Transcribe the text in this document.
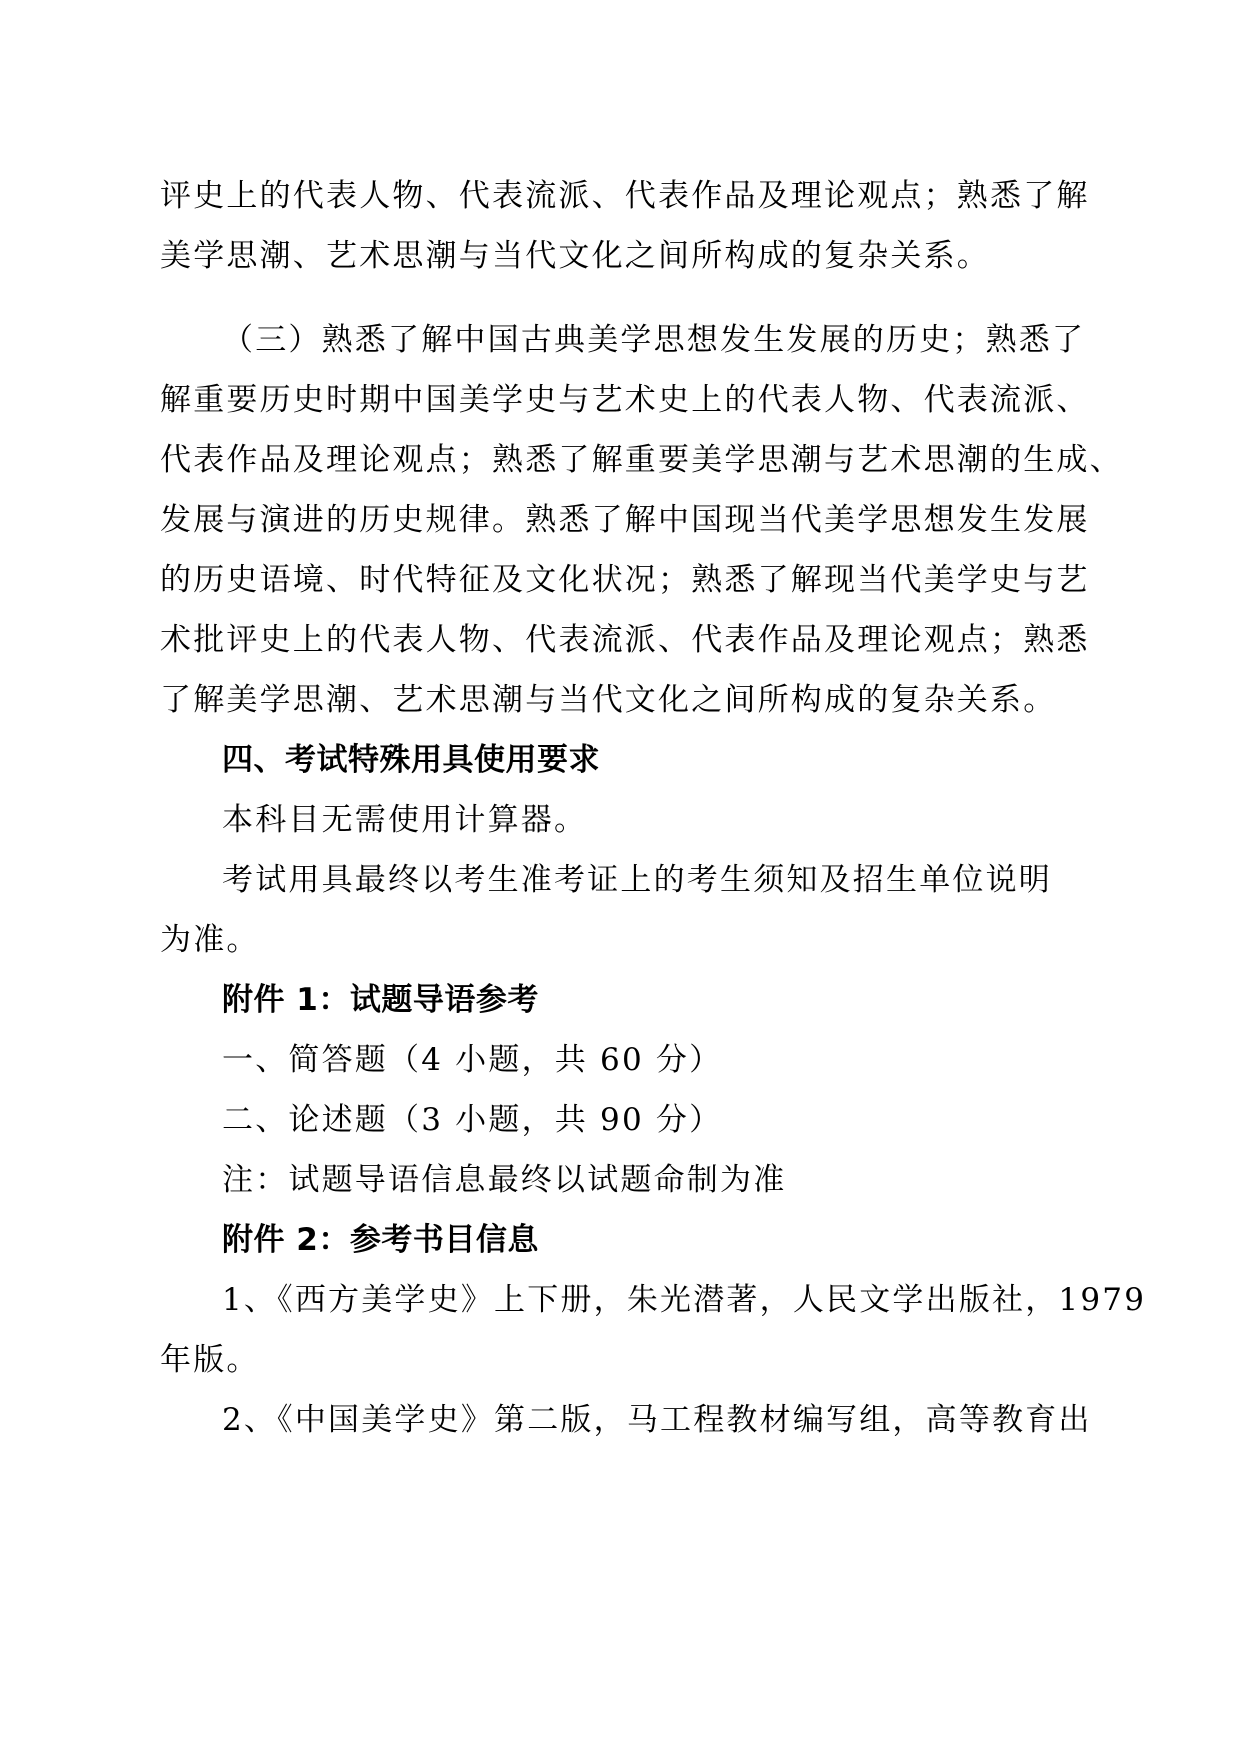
评史上的代表人物、代表流派、代表作品及理论观点；熟悉了解
美学思潮、艺术思潮与当代文化之间所构成的复杂关系。
（三）熟悉了解中国古典美学思想发生发展的历史；熟悉了
解重要历史时期中国美学史与艺术史上的代表人物、代表流派、
代表作品及理论观点；熟悉了解重要美学思潮与艺术思潮的生成、
发展与演进的历史规律。熟悉了解中国现当代美学思想发生发展
的历史语境、时代特征及文化状况；熟悉了解现当代美学史与艺
术批评史上的代表人物、代表流派、代表作品及理论观点；熟悉
了解美学思潮、艺术思潮与当代文化之间所构成的复杂关系。
四、考试特殊用具使用要求
本科目无需使用计算器。
考试用具最终以考生准考证上的考生须知及招生单位说明
为准。
附件 1：试题导语参考
一、简答题（4 小题，共 60 分）
二、论述题（3 小题，共 90 分）
注：试题导语信息最终以试题命制为准
附件 2：参考书目信息
1、《西方美学史》上下册，朱光潜著，人民文学出版社，1979
年版。
2、《中国美学史》第二版，马工程教材编写组，高等教育出
